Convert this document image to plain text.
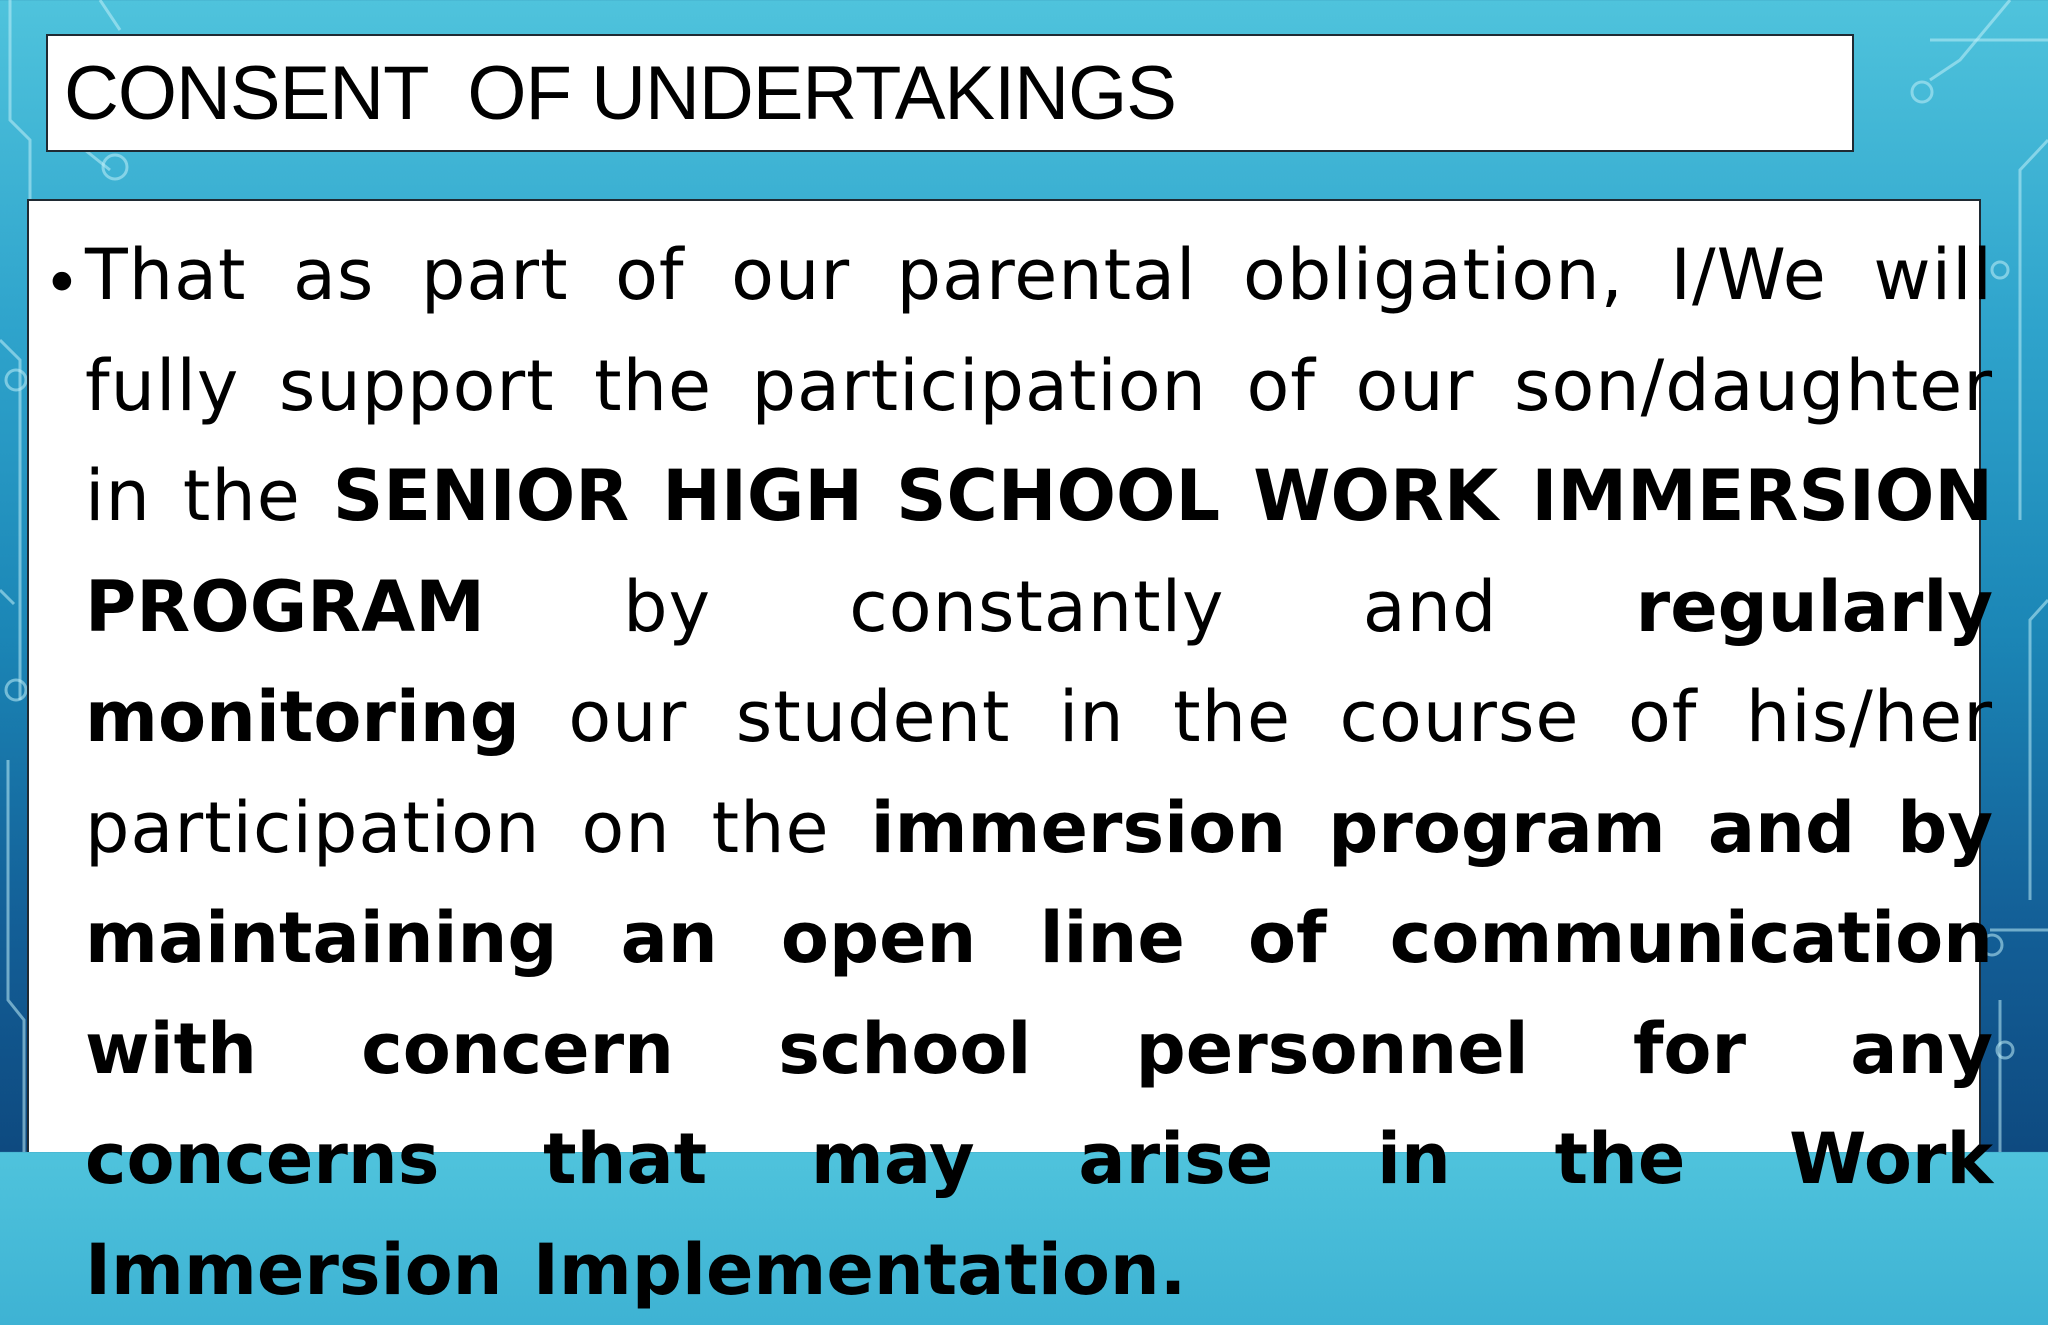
CONSENT  OF UNDERTAKINGS
• That as part of our parental obligation, I/We will fully support the participation of our son/daughter in the SENIOR HIGH SCHOOL WORK IMMERSION PROGRAM by constantly and regularly monitoring our student in the course of his/her participation on the immersion program and by maintaining an open line of communication with concern school personnel for any concerns that may arise in the Work Immersion Implementation.
